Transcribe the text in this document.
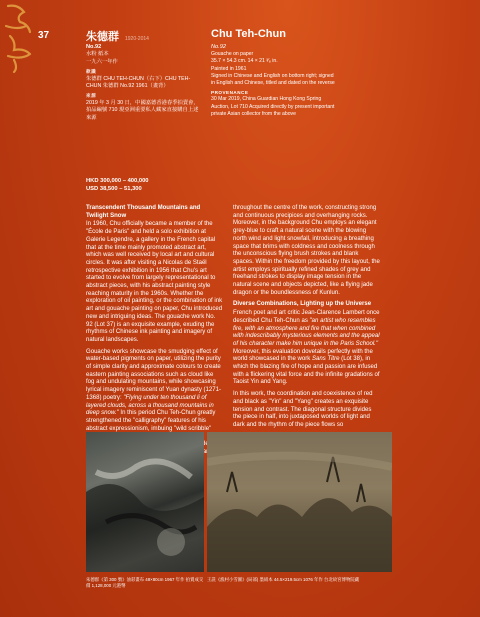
37	朱德群 1920-2014	Chu Teh-Chun
No.92
水粉 紙本
一九六一年作
款識
朱德群 CHU TEH-CHUN（右下）CHU TEH-CHUN 朱德群 No.92 1961（畫背）
來源
2019 年 3 月 30 日，中國嘉德香港春季拍賣會，拍品編號 710 現亞洲重要私人藏家直接購自上述來源
No.92
Gouache on paper
35.7 × 54.3 cm. 14 × 21 ³⁄₈ in.
Painted in 1961
Signed in Chinese and English on bottom right; signed in English and Chinese, titled and dated on the reverse
PROVENANCE
30 Mar 2019, China Guardian Hong Kong Spring Auction, Lot 710 Acquired directly by present important private Asian collector from the above
HKD 300,000 – 400,000
USD 38,500 – 51,300
Transcendent Thousand Mountains and Twilight Snow

In 1960, Chu officially became a member of the "École de Paris" and held a solo exhibition at Galerie Legendre, a gallery in the French capital that at the time mainly promoted abstract art, which was well received by local art and cultural circles. It was after visiting a Nicolas de Staël retrospective exhibition in 1956 that Chu's art started to evolve from largely representational to abstract pieces, with his abstract painting style reaching maturity in the 1960s. Whether the exploration of oil painting, or the combination of ink art and gouache painting on paper, Chu introduced new and intriguing ideas. The gouache work No. 92 (Lot 37) is an exquisite example, exuding the rhythms of Chinese ink painting and imagery of natural landscapes.

Gouache works showcase the smudging effect of water-based pigments on paper, utilizing the purity of simple clarity and approximate colours to create eastern painting associations such as cloud like fog and undulating mountains, while showcasing lyrical imagery reminiscent of Yuan dynasty (1271-1368) poetry: "Flying under ten thousand li of layered clouds, across a thousand mountains in deep snow." In this period Chu Teh-Chun greatly strengthened the "calligraphy" features of his abstract expressionism, imbuing "wild scribble"

throughout the centre of the work, constructing strong and continuous precipices and overhanging rocks. Moreover, in the background Chu employs an elegant grey-blue to craft a natural scene with the blowing north wind and light snowfall, introducing a breathing space that brims with coldness and coolness through the unconscious flying brush strokes and blank spaces. Within the freedom provided by this layout, the artist employs spiritually refined shades of grey and freehand strokes to display image tension in the natural scene and objects depicted, like a flying jade dragon or the boundlessness of Kunlun.

Diverse Combinations, Lighting up the Universe

French poet and art critic Jean-Clarence Lambert once described Chu Teh-Chun as "an artist who resembles fire, with an atmosphere and fire that when combined with indescribably mysterious elements and the appeal of his character make him unique in the Paris School." Moreover, this evaluation dovetails perfectly with the world showcased in the work Sans Titre (Lot 38), in which the blazing fire of hope and passion are infused with a flickering vital force and the infinite gradations of Taoist Yin and Yang.

In this work, the coordination and coexistence of red and black as "Yin" and "Yang" creates an exquisite tension and contrast. The diagonal structure divides the piece in half, into juxtaposed worlds of light and dark and the rhythm of the piece flows so

朱德群《第 300 號》油彩畫布 48×80cm 1967 年作 拍賣成交價 1,128,000 元港幣
王詵《漁村小雪圖》(局部) 墨絹本 44.5×219.5cm 1076 年作 台北故宮博物院藏
